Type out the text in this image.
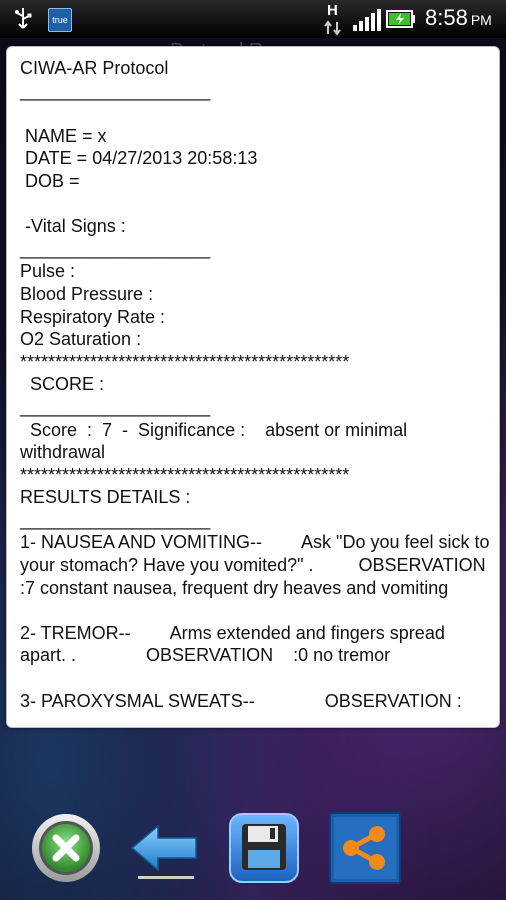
true
H	8:58 PM
CIWA-AR Protocol
___________________

NAME = x
DATE = 04/27/2013 20:58:13
DOB =

-Vital Signs :
___________________
Pulse :
Blood Pressure :
Respiratory Rate :
O2 Saturation :
***********************************************
SCORE :
___________________
Score  :  7  -  Significance :    absent or minimal withdrawal
***********************************************
RESULTS DETAILS :
___________________
1- NAUSEA AND VOMITING--        Ask "Do you feel sick to your stomach? Have you vomited?" .         OBSERVATION    :7 constant nausea, frequent dry heaves and vomiting

2- TREMOR--        Arms extended and fingers spread apart. .              OBSERVATION    :0 no tremor

3- PAROXYSMAL SWEATS--              OBSERVATION :
